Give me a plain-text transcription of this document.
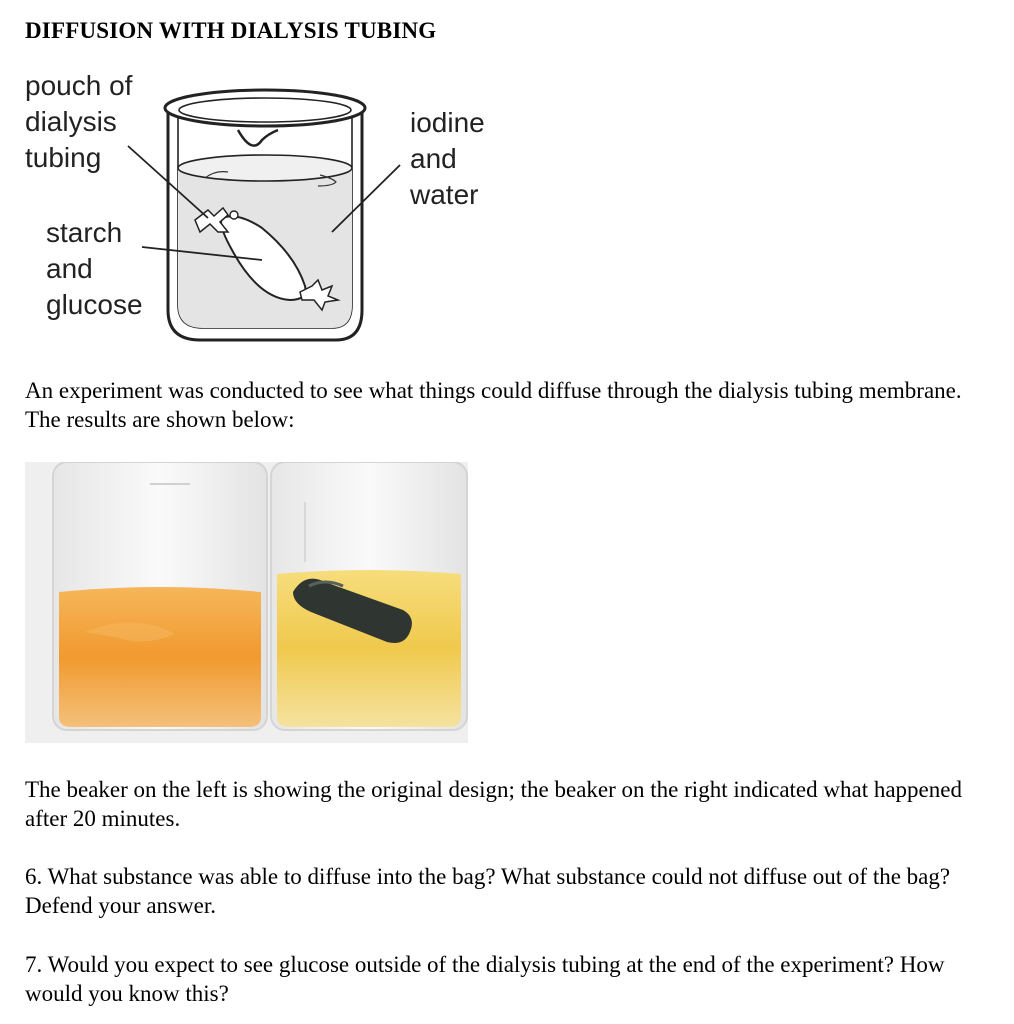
DIFFUSION WITH DIALYSIS TUBING
pouch of
dialysis
tubing
starch
and
glucose
iodine
and
water
An experiment was conducted to see what things could diffuse through the dialysis tubing membrane. The results are shown below:
The beaker on the left is showing the original design; the beaker on the right indicated what happened after 20 minutes.
6. What substance was able to diffuse into the bag? What substance could not diffuse out of the bag? Defend your answer.
7. Would you expect to see glucose outside of the dialysis tubing at the end of the experiment? How would you know this?
